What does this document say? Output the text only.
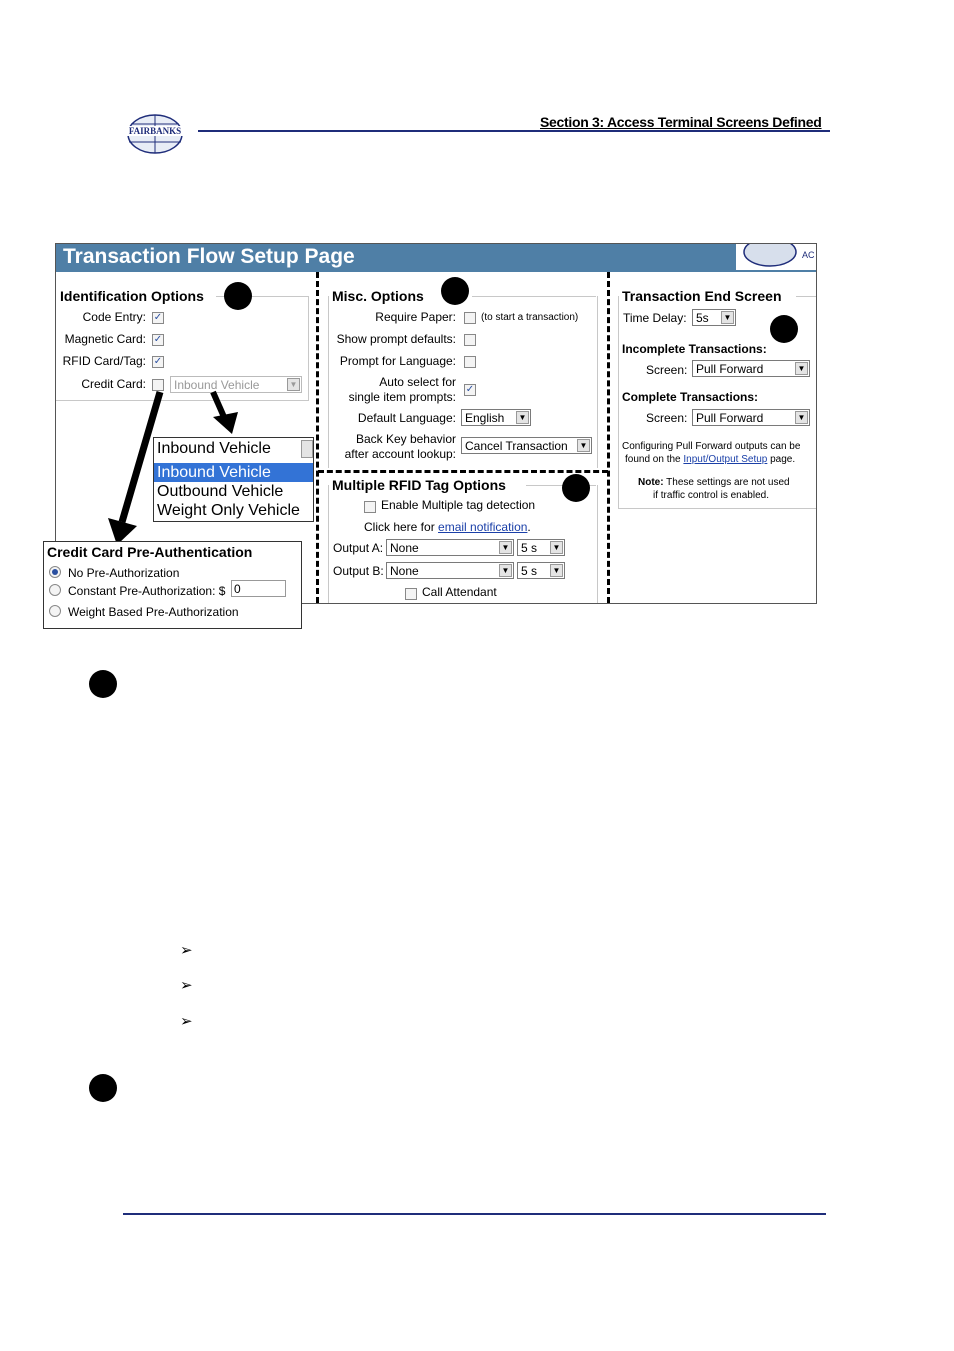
FAIRBANKS
Section 3: Access Terminal Screens Defined
Transaction Flow Setup Page	AC
Identification Options
Code Entry: ✓
Magnetic Card: ✓
RFID Card/Tag: ✓
Credit Card:	Inbound Vehicle	▼
Misc. Options
Require Paper:	(to start a transaction)
Show prompt defaults:
Prompt for Language:
Auto select for
single item prompts:
✓
Default Language: English	▼
Back Key behavior
after account lookup:
Cancel Transaction	▼
Transaction End Screen
Time Delay: 5s	▼
Incomplete Transactions:
Screen: Pull Forward	▼
Complete Transactions:
Screen: Pull Forward	▼
Configuring Pull Forward outputs can be
found on the Input/Output Setup page.
Note: These settings are not used
if traffic control is enabled.
Multiple RFID Tag Options
Enable Multiple tag detection
Click here for email notification.
Output A: None	▼ 5 s	▼
Output B: None	▼ 5 s	▼
Call Attendant
Inbound Vehicle
Inbound Vehicle
Outbound Vehicle
Weight Only Vehicle
Credit Card Pre-Authentication
No Pre-Authorization
Constant Pre-Authorization: $ 0
Weight Based Pre-Authorization
➢
➢
➢
